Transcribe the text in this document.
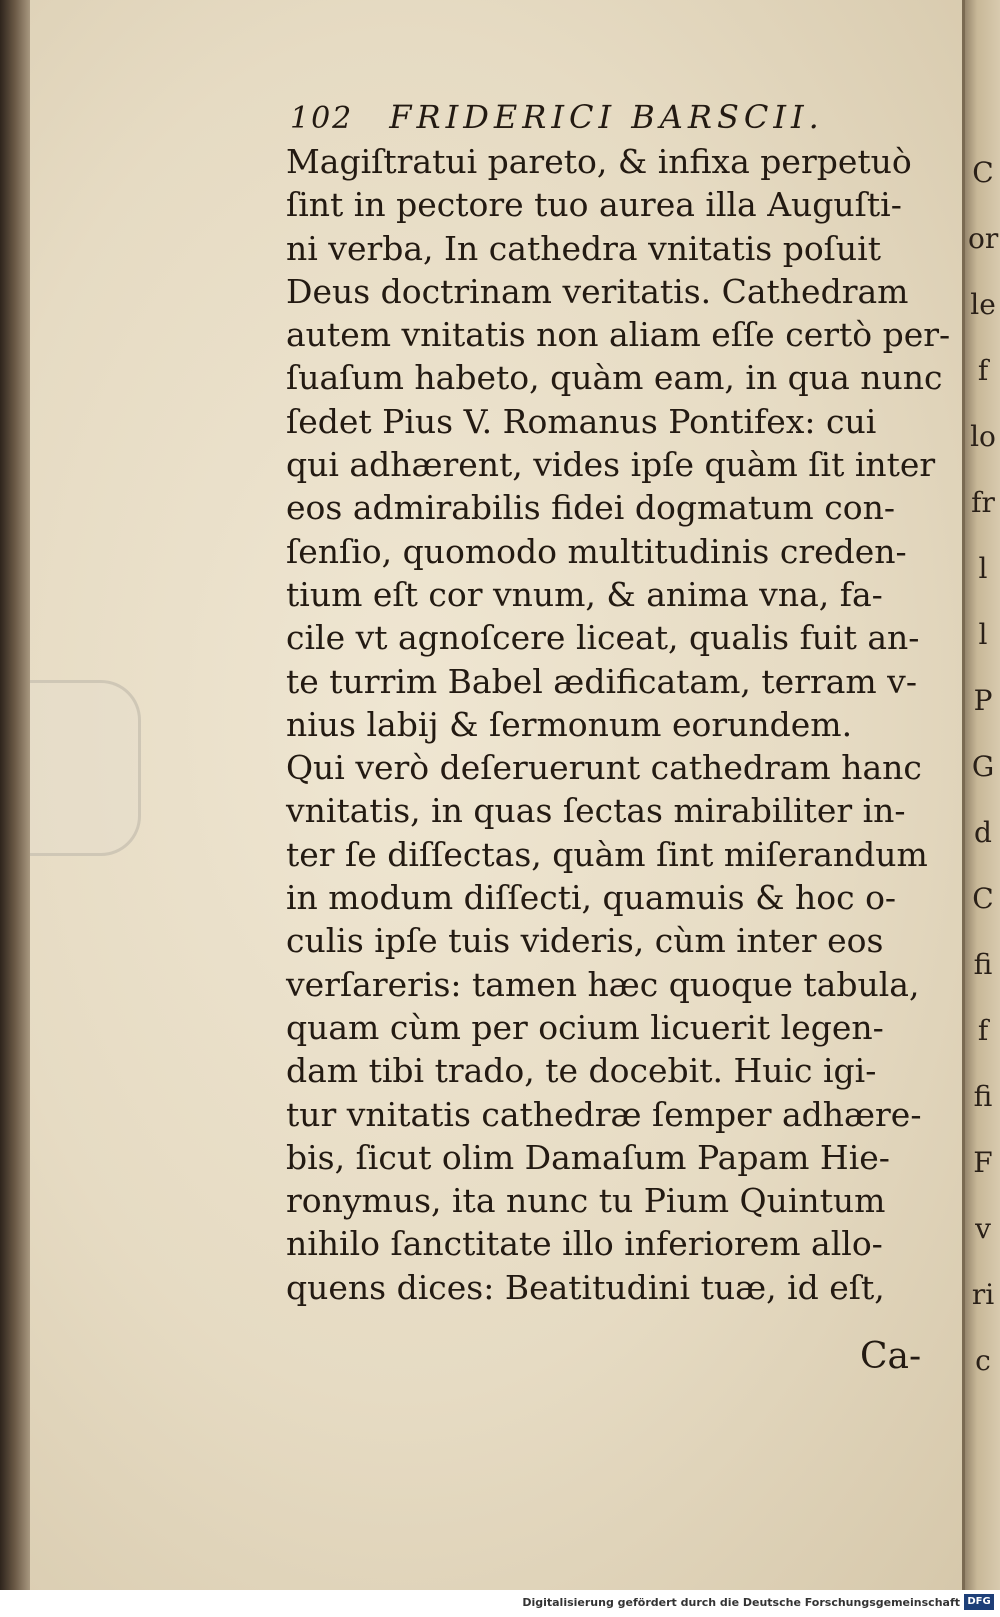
C
or
le
f
lo
fr
l
l
P
G
d
C
fi
f
fi
F
v
ri
c
102 FRIDERICI BARSCII.
Magiſtratui pareto, & infixa perpetuò
ſint in pectore tuo aurea illa Auguſti-
ni verba, In cathedra vnitatis poſuit
Deus doctrinam veritatis. Cathedram
autem vnitatis non aliam eſſe certò per-
ſuaſum habeto, quàm eam, in qua nunc
ſedet Pius V. Romanus Pontifex: cui
qui adhærent, vides ipſe quàm ſit inter
eos admirabilis fidei dogmatum con-
ſenſio, quomodo multitudinis creden-
tium eſt cor vnum, & anima vna, fa-
cile vt agnoſcere liceat, qualis fuit an-
te turrim Babel ædificatam, terram v-
nius labij & ſermonum eorundem.
Qui verò deſeruerunt cathedram hanc
vnitatis, in quas ſectas mirabiliter in-
ter ſe diſſectas, quàm ſint miſerandum
in modum diſſecti, quamuis & hoc o-
culis ipſe tuis videris, cùm inter eos
verſareris: tamen hæc quoque tabula,
quam cùm per ocium licuerit legen-
dam tibi trado, te docebit. Huic igi-
tur vnitatis cathedræ ſemper adhære-
bis, ſicut olim Damaſum Papam Hie-
ronymus, ita nunc tu Pium Quintum
nihilo ſanctitate illo inferiorem allo-
quens dices: Beatitudini tuæ, id eſt,
Ca-
Digitalisierung gefördert durch die Deutsche Forschungsgemeinschaft DFG
